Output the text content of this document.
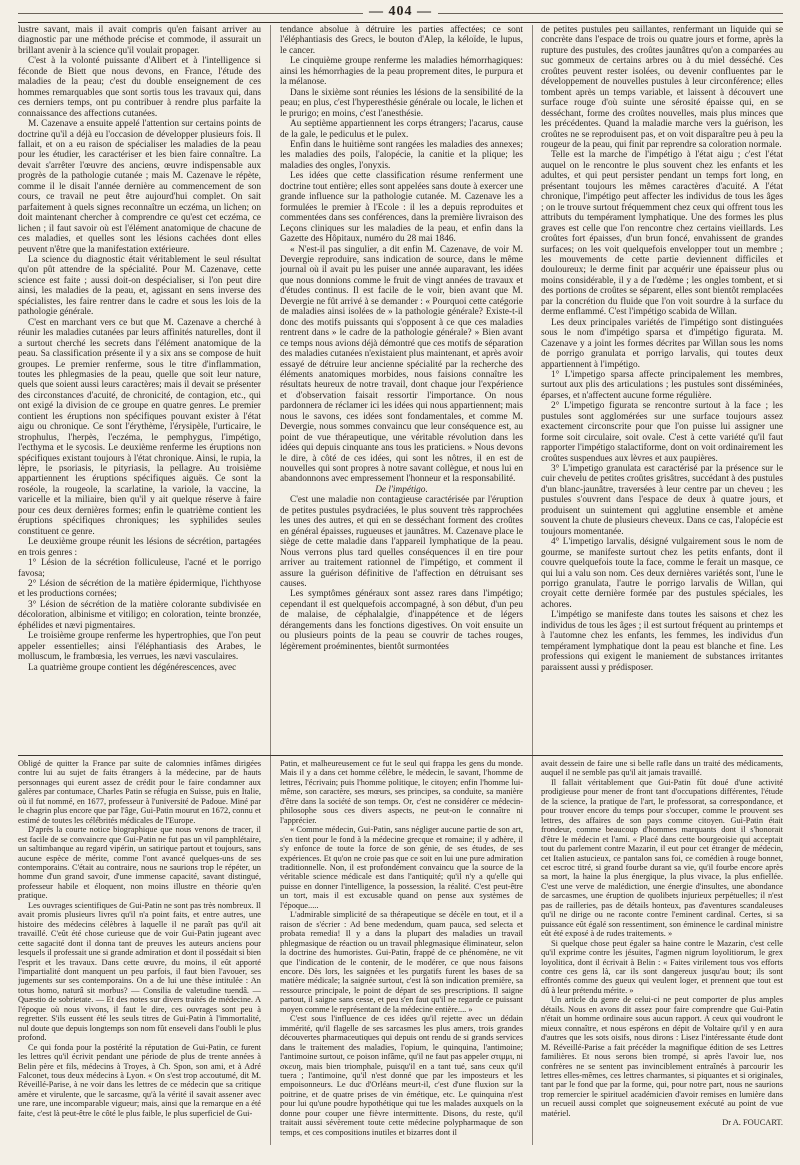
— 404 —

lustre savant, mais il avait compris qu'en faisant arriver au diagnostic par une méthode précise et commode, il assurait un brillant avenir à la science qu'il voulait propager.

C'est à la volonté puissante d'Alibert et à l'intelligence si féconde de Biett que nous devons, en France, l'étude des maladies de la peau; c'est du double enseignement de ces hommes remarquables que sont sortis tous les travaux qui, dans ces derniers temps, ont pu contribuer à rendre plus parfaite la connaissance des affections cutanées.

M. Cazenave a ensuite appelé l'attention sur certains points de doctrine qu'il a déjà eu l'occasion de développer plusieurs fois. Il fallait, et on a eu raison de spécialiser les maladies de la peau pour les étudier, les caractériser et les bien faire connaître. La devait s'arrêter l'œuvre des anciens, œuvre indispensable aux progrès de la pathologie cutanée ; mais M. Cazenave le répète, comme il le disait l'année dernière au commencement de son cours, ce travail ne peut être aujourd'hui complet. On sait parfaitement à quels signes reconnaître un eczéma, un lichen; on doit maintenant chercher à comprendre ce qu'est cet eczéma, ce lichen ; il faut savoir où est l'élément anatomique de chacune de ces maladies, et quelles sont les lésions cachées dont elles peuvent n'être que la manifestation extérieure.

La science du diagnostic était véritablement le seul résultat qu'on pût attendre de la spécialité. Pour M. Cazenave, cette science est faite ; aussi doit-on despécialiser, si l'on peut dire ainsi, les maladies de la peau, et, agissant en sens inverse des spécialistes, les faire rentrer dans le cadre et sous les lois de la pathologie générale.

C'est en marchant vers ce but que M. Cazenave a cherché à réunir les maladies cutanées par leurs affinités naturelles, dont il a surtout cherché les secrets dans l'élément anatomique de la peau. Sa classification présente il y a six ans se compose de huit groupes. Le premier renferme, sous le titre d'inflammation, toutes les phlegmasies de la peau, quelle que soit leur nature, quels que soient aussi leurs caractères; mais il devait se présenter des circonstances d'acuité, de chronicité, de contagion, etc., qui ont exigé la division de ce groupe en quatre genres. Le premier contient les éruptions non spécifiques pouvant exister à l'état aigu ou chronique. Ce sont l'érythème, l'érysipèle, l'urticaire, le strophulus, l'herpès, l'eczéma, le pemphygus, l'impétigo, l'ecthyma et le sycosis. Le deuxième renferme les éruptions non spécifiques existant toujours à l'état chronique. Ainsi, le rupia, la lèpre, le psoriasis, le pityriasis, la pellagre. Au troisième appartiennent les éruptions spécifiques aiguës. Ce sont la roséole, la rougeole, la scarlatine, la variole, la vaccine, la varicelle et la miliaire, bien qu'il y ait quelque réserve à faire pour ces deux dernières formes; enfin le quatrième contient les éruptions spécifiques chroniques; les syphilides seules constituent ce genre.

Le deuxième groupe réunit les lésions de sécrétion, partagées en trois genres :

1° Lésion de la sécrétion folliculeuse, l'acné et le porrigo favosa;

2° Lésion de sécrétion de la matière épidermique, l'ichthyose et les productions cornées;

3° Lésion de sécrétion de la matière colorante subdivisée en décoloration, albinisme et vitiligo; en coloration, teinte bronzée, éphélides et nævi pigmentaires.

Le troisième groupe renferme les hypertrophies, que l'on peut appeler essentielles; ainsi l'éléphantiasis des Arabes, le molluscum, le frambœsia, les verrues, les nævi vasculaires.

La quatrième groupe contient les dégénérescences, avec

tendance absolue à détruire les parties affectées; ce sont l'éléphantiasis des Grecs, le bouton d'Alep, la kéloïde, le lupus, le cancer.

Le cinquième groupe renferme les maladies hémorrhagiques: ainsi les hémorrhagies de la peau proprement dites, le purpura et la mélanose.

Dans le sixième sont réunies les lésions de la sensibilité de la peau; en plus, c'est l'hyperesthésie générale ou locale, le lichen et le prurigo; en moins, c'est l'anesthésie.

Au septième appartiennent les corps étrangers; l'acarus, cause de la gale, le pediculus et le pulex.

Enfin dans le huitième sont rangées les maladies des annexes; les maladies des poils, l'alopécie, la canitie et la plique; les maladies des ongles, l'onyxis.

Les idées que cette classification résume renferment une doctrine tout entière; elles sont appelées sans doute à exercer une grande influence sur la pathologie cutanée. M. Cazenave les a formulées le premier à l'Ecole : il les a depuis reproduites et commentées dans ses conférences, dans la première livraison des Leçons cliniques sur les maladies de la peau, et enfin dans la Gazette des Hôpitaux, numéro du 28 mai 1846.

« N'est-il pas singulier, a dit enfin M. Cazenave, de voir M. Devergie reproduire, sans indication de source, dans le même journal où il avait pu les puiser une année auparavant, les idées que nous donnions comme le fruit de vingt années de travaux et d'études continus. Il est facile de le voir, bien avant que M. Devergie ne fût arrivé à se demander : « Pourquoi cette catégorie de maladies ainsi isolées de » la pathologie générale? Existe-t-il donc des motifs puissants qui s'opposent à ce que ces maladies rentrent dans » le cadre de la pathologie générale? » Bien avant ce temps nous avions déjà démontré que ces motifs de séparation des maladies cutanées n'existaient plus maintenant, et après avoir essayé de détruire leur ancienne spécialité par la recherche des éléments anatomiques morbides, nous faisions connaître les résultats heureux de notre travail, dont chaque jour l'expérience et d'observation faisait ressortir l'importance. On nous pardonnera de réclamer ici les idées qui nous appartiennent; mais nous le savons, ces idées sont fondamentales, et comme M. Devergie, nous sommes convaincu que leur conséquence est, au point de vue thérapeutique, une véritable révolution dans les idées qui depuis cinquante ans tous les praticiens. » Nous devons le dire, à côté de ces idées, qui sont les nôtres, il en est de nouvelles qui sont propres à notre savant collègue, et nous lui en abandonnons avec empressement l'honneur et la responsabilité.

De l'impétigo.

C'est une maladie non contagieuse caractérisée par l'éruption de petites pustules psydraciées, le plus souvent très rapprochées les unes des autres, et qui en se desséchant forment des croûtes en général épaisses, rugueuses et jaunâtres. M. Cazenave place le siège de cette maladie dans l'appareil lymphatique de la peau. Nous verrons plus tard quelles conséquences il en tire pour arriver au traitement rationnel de l'impétigo, et comment il assure la guérison définitive de l'affection en détruisant ses causes.

Les symptômes généraux sont assez rares dans l'impétigo; cependant il est quelquefois accompagné, à son début, d'un peu de malaise, de céphalalgie, d'inappétence et de légers dérangements dans les fonctions digestives. On voit ensuite un ou plusieurs points de la peau se couvrir de taches rouges, légèrement proéminentes, bientôt surmontées

de petites pustules peu saillantes, renfermant un liquide qui se concrète dans l'espace de trois ou quatre jours et forme, après la rupture des pustules, des croûtes jaunâtres qu'on a comparées au suc gommeux de certains arbres ou à du miel desséché. Ces croûtes peuvent rester isolées, ou devenir confluentes par le développement de nouvelles pustules à leur circonférence; elles tombent après un temps variable, et laissent à découvert une surface rouge d'où suinte une sérosité épaisse qui, en se desséchant, forme des croûtes nouvelles, mais plus minces que les précédentes. Quand la maladie marche vers la guérison, les croûtes ne se reproduisent pas, et on voit disparaître peu à peu la rougeur de la peau, qui finit par reprendre sa coloration normale.

Telle est la marche de l'impétigo à l'état aigu ; c'est l'état auquel on le rencontre le plus souvent chez les enfants et les adultes, et qui peut persister pendant un temps fort long, en présentant toujours les mêmes caractères d'acuité. A l'état chronique, l'impétigo peut affecter les individus de tous les âges ; on le trouve surtout fréquemment chez ceux qui offrent tous les attributs du tempérament lymphatique. Une des formes les plus graves est celle que l'on rencontre chez certains vieillards. Les croûtes fort épaisses, d'un brun foncé, envahissent de grandes surfaces; on les voit quelquefois envelopper tout un membre ; les mouvements de cette partie deviennent difficiles et douloureux; le derme finit par acquérir une épaisseur plus ou moins considérable, il y a de l'œdème ; les ongles tombent, et si des portions de croûtes se séparent, elles sont bientôt remplacées par la concrétion du fluide que l'on voit sourdre à la surface du derme enflammé. C'est l'impétigo scabida de Willan.

Les deux principales variétés de l'impétigo sont distinguées sous le nom d'impétigo sparsa et d'impétigo figurata. M. Cazenave y a joint les formes décrites par Willan sous les noms de porrigo granulata et porrigo larvalis, qui toutes deux appartiennent à l'impétigo.

1° L'impetigo sparsa affecte principalement les membres, surtout aux plis des articulations ; les pustules sont disséminées, éparses, et n'affectent aucune forme régulière.

2° L'impetigo figurata se rencontre surtout à la face ; les pustules sont agglomérées sur une surface toujours assez exactement circonscrite pour que l'on puisse lui assigner une forme soit circulaire, soit ovale. C'est à cette variété qu'il faut rapporter l'impétigo stalactiforme, dont on voit ordinairement les croûtes suspendues aux lèvres et aux paupières.

3° L'impetigo granulata est caractérisé par la présence sur le cuir chevelu de petites croûtes grisâtres, succédant à des pustules d'un blanc-jaunâtre, traversées à leur centre par un cheveu ; les pustules s'ouvrent dans l'espace de deux à quatre jours, et produisent un suintement qui agglutine ensemble et amène souvent la chute de plusieurs cheveux. Dans ce cas, l'alopécie est toujours momentanée.

4° L'impetigo larvalis, désigné vulgairement sous le nom de gourme, se manifeste surtout chez les petits enfants, dont il couvre quelquefois toute la face, comme le ferait un masque, ce qui lui a valu son nom. Ces deux dernières variétés sont, l'une le porrigo granulata, l'autre le porrigo larvalis de Willan, qui croyait cette dernière formée par des pustules spéciales, les achores.

L'impétigo se manifeste dans toutes les saisons et chez les individus de tous les âges ; il est surtout fréquent au printemps et à l'automne chez les enfants, les femmes, les individus d'un tempérament lymphatique dont la peau est blanche et fine. Les professions qui exigent le maniement de substances irritantes paraissent aussi y prédisposer.

Obligé de quitter la France par suite de calomnies infâmes dirigées contre lui au sujet de faits étrangers à la médecine, par de hauts personnages qui eurent assez de crédit pour le faire condamner aux galères par contumace, Charles Patin se réfugia en Suisse, puis en Italie, où il fut nommé, en 1677, professeur à l'université de Padoue. Miné par le chagrin plus encore que par l'âge, Gui-Patin mourut en 1672, connu et estimé de toutes les célébrités médicales de l'Europe.

D'après la courte notice biographique que nous venons de tracer, il est facile de se convaincre que Gui-Patin ne fut pas un vil pamphlétaire, un saltimbanque au regard vipérin, un satirique partout et toujours, sans aucune espèce de mérite, comme l'ont avancé quelques-uns de ses contemporains. C'était au contraire, nous ne saurions trop le répéter, un homme d'un grand savoir, d'une immense capacité, savant distingué, professeur habile et éloquent, non moins illustre en théorie qu'en pratique.

Les ouvrages scientifiques de Gui-Patin ne sont pas très nombreux. Il avait promis plusieurs livres qu'il n'a point faits, et entre autres, une histoire des médecins célèbres à laquelle il ne paraît pas qu'il ait travaillé. C'eût été chose curieuse que de voir Gui-Patin jugeant avec cette sagacité dont il donna tant de preuves les auteurs anciens pour lesquels il professait une si grande admiration et dont il possédait si bien l'esprit et les travaux. Dans cette œuvre, du moins, il eût apporté l'impartialité dont manquent un peu parfois, il faut bien l'avouer, ses jugements sur ses contemporains. On a de lui une thèse intitulée : An totus homo, naturâ sit morbus? — Consilia de valetudine tuendâ. —Quæstio de sobrietate. — Et des notes sur divers traités de médecine. A l'époque où nous vivons, il faut le dire, ces ouvrages sont peu à regretter. S'ils eussent été les seuls titres de Gui-Patin à l'immortalité, nul doute que depuis longtemps son nom fût enseveli dans l'oubli le plus profond.

Ce qui fonda pour la postérité la réputation de Gui-Patin, ce furent les lettres qu'il écrivit pendant une période de plus de trente années à Belin père et fils, médecins à Troyes, à Ch. Spon, son ami, et à Adré Falconet, tous deux médecins à Lyon. « On s'est trop accoutumé, dit M. Réveillé-Parise, à ne voir dans les lettres de ce médecin que sa critique amère et virulente, que le sarcasme, qu'à la vérité il savait assener avec une rare, une incomparable vigueur; mais, ainsi que la remarque en a été faite, c'est là peut-être le côté le plus faible, le plus superficiel de Gui-

Patin, et malheureusement ce fut le seul qui frappa les gens du monde. Mais il y a dans cet homme célèbre, le médecin, le savant, l'homme de lettres, l'écrivain; puis l'homme politique, le citoyen; enfin l'homme lui-même, son caractère, ses mœurs, ses principes, sa conduite, sa manière d'être dans la société de son temps. Or, c'est ne considérer ce médecin-philosophe sous ces divers aspects, ne peut-on le connaître ni l'apprécier.

« Comme médecin, Gui-Patin, sans négliger aucune partie de son art, s'en tient pour le fond à la médecine grecque et romaine; il y adhère, il s'y enfonce de toute la force de son génie, de ses études, de ses expériences. Et qu'on ne croie pas que ce soit en lui une pure admiration traditionnelle. Non, il est profondément convaincu que la source de la véritable science médicale est dans l'antiquité; qu'il n'y a qu'elle qui puisse en donner l'intelligence, la possession, la réalité. C'est peut-être un tort, mais il est excusable quand on pense aux systèmes de l'époque.....

L'admirable simplicité de sa thérapeutique se décèle en tout, et il a raison de s'écrier : Ad bene medendum, quam pauca, sed selecta et probata remedia! Il y a dans la plupart des maladies un travail phlegmasique de réaction ou un travail phlegmasique éliminateur, selon la doctrine des humoristes. Gui-Patin, frappé de ce phénomène, ne vit que l'indication de le contenir, de le modérer, ce que nous faisons encore. Dès lors, les saignées et les purgatifs furent les bases de sa matière médicale; la saignée surtout, c'est là son indication première, sa ressource principale, le point de départ de ses prescriptions. Il saigne partout, il saigne sans cesse, et peu s'en faut qu'il ne regarde ce puissant moyen comme le représentant de la médecine entière.... »

C'est sous l'influence de ces idées qu'il rejette avec un dédain immérité, qu'il flagelle de ses sarcasmes les plus amers, trois grandes découvertes pharmaceutiques qui depuis ont rendu de si grands services dans le traitement des maladies, l'opium, le quinquina, l'antimoine; l'antimoine surtout, ce poison infâme, qu'il ne faut pas appeler στιμμι, ni σκευη, mais bien triomphale, puisqu'il en a tant tué, sans ceux qu'il tuera ; l'antimoine, qu'il n'est donné que par les imposteurs et les empoisonneurs. Le duc d'Orléans meurt-il, c'est d'une fluxion sur la poitrine, et de quatre prises de vin émétique, etc. Le quinquina n'est pour lui qu'une poudre hypothétique qui tue les malades auxquels on la donne pour couper une fièvre intermittente. Disons, du reste, qu'il traitait aussi sévèrement toute cette médecine polypharmaque de son temps, et ces compositions inutiles et bizarres dont il

avait dessein de faire une si belle rafle dans un traité des médicaments, auquel il ne semble pas qu'il ait jamais travaillé.

Il fallait véritablement que Gui-Patin fût doué d'une activité prodigieuse pour mener de front tant d'occupations différentes, l'étude de la science, la pratique de l'art, le professorat, sa correspondance, et pour trouver encore du temps pour s'occuper, comme le prouvent ses lettres, des affaires de son pays comme citoyen. Gui-Patin était frondeur, comme beaucoup d'hommes marquants dont il s'honorait d'être le médecin et l'ami. « Placé dans cette bourgeoisie qui acceptait tout du parlement contre Mazarin, il eut pour cet étranger de médecin, cet Italien astucieux, ce pantalon sans foi, ce comédien à rouge bonnet, cet escroc titré, si grand fourbe durant sa vie, qu'il fourbe encore après sa mort, la haine la plus énergique, la plus vivace, la plus enfiellée. C'est une verve de malédiction, une énergie d'insultes, une abondance de sarcasmes, une éruption de quolibets injurieux perpétuelles; il n'est pas de railleries, pas de détails honteux, pas d'aventures scandaleuses qu'il ne dirige ou ne raconte contre l'eminent cardinal. Certes, si sa puissance eût égalé son ressentiment, son éminence le cardinal ministre eût été exposé à de rudes traitements. »

Si quelque chose peut égaler sa haine contre le Mazarin, c'est celle qu'il exprime contre les jésuites, l'agmen nigrum loyolitiorum, le grex loyolitica, dont il écrivait à Belin : « Faites virilement tous vos efforts contre ces gens là, car ils sont dangereux jusqu'au bout; ils sont effrontés comme des gueux qui veulent loger, et prennent que tout est dû à leur prétendu mérite. »

Un article du genre de celui-ci ne peut comporter de plus amples détails. Nous en avons dit assez pour faire comprendre que Gui-Patin n'était un homme ordinaire sous aucun rapport. A ceux qui voudront le mieux connaître, et nous espérons en dépit de Voltaire qu'il y en aura d'autres que les sots oisifs, nous dirons : Lisez l'intéressante étude dont M. Réveillé-Parise a fait précéder la magnifique édition de ses Lettres familières. Et nous serons bien trompé, si après l'avoir lue, nos confrères ne se sentent pas invinciblement entraînés à parcourir les lettres elles-mêmes, ces lettres charmantes, si piquantes et si originales, tant par le fond que par la forme, qui, pour notre part, nous ne saurions trop remercier le spirituel académicien d'avoir remises en lumière dans un recueil aussi complet que soigneusement exécuté au point de vue matériel.

Dr A. FOUCART.
